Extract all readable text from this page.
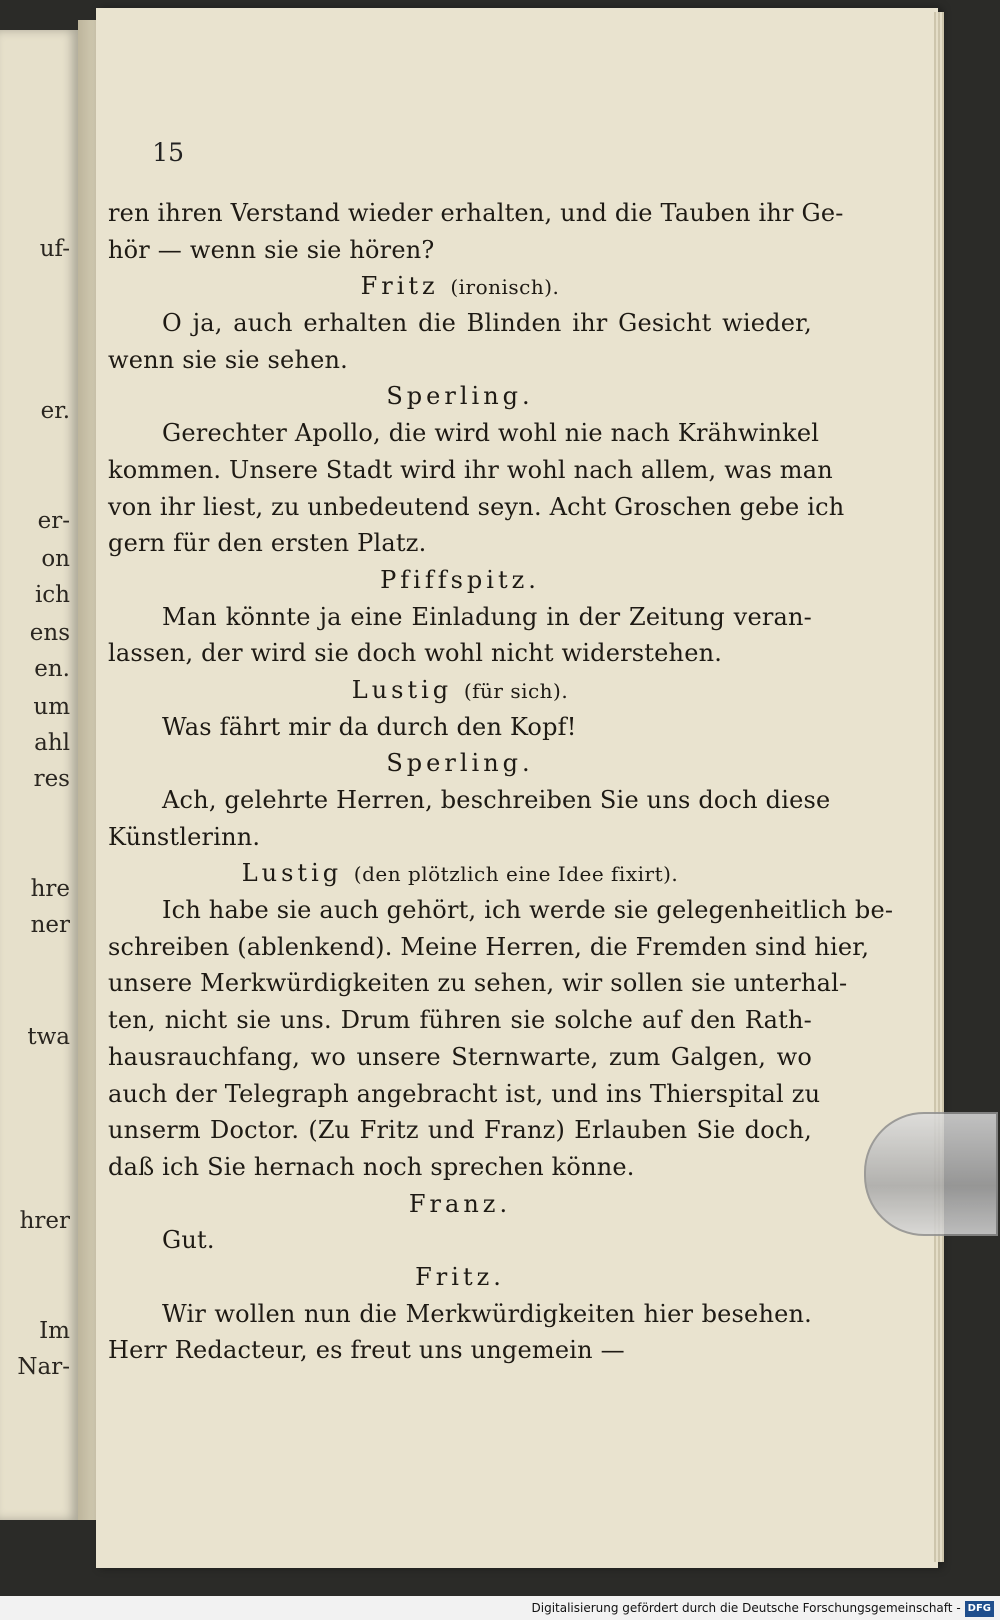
uf-
er.
er-
on
ich
ens
en.
um
ahl
res
hre
ner
twa
hrer
Im
Nar-
15
ren ihren Verstand wieder erhalten, und die Tauben ihr Ge-
hör — wenn sie sie hören?
Fritz (ironisch).
O ja, auch erhalten die Blinden ihr Gesicht wieder,
wenn sie sie sehen.
Sperling.
Gerechter Apollo, die wird wohl nie nach Krähwinkel
kommen. Unsere Stadt wird ihr wohl nach allem, was man
von ihr liest, zu unbedeutend seyn. Acht Groschen gebe ich
gern für den ersten Platz.
Pfiffspitz.
Man könnte ja eine Einladung in der Zeitung veran-
lassen, der wird sie doch wohl nicht widerstehen.
Lustig (für sich).
Was fährt mir da durch den Kopf!
Sperling.
Ach, gelehrte Herren, beschreiben Sie uns doch diese
Künstlerinn.
Lustig (den plötzlich eine Idee fixirt).
Ich habe sie auch gehört, ich werde sie gelegenheitlich be-
schreiben (ablenkend). Meine Herren, die Fremden sind hier,
unsere Merkwürdigkeiten zu sehen, wir sollen sie unterhal-
ten, nicht sie uns. Drum führen sie solche auf den Rath-
hausrauchfang, wo unsere Sternwarte, zum Galgen, wo
auch der Telegraph angebracht ist, und ins Thierspital zu
unserm Doctor. (Zu Fritz und Franz) Erlauben Sie doch,
daß ich Sie hernach noch sprechen könne.
Franz.
Gut.
Fritz.
Wir wollen nun die Merkwürdigkeiten hier besehen.
Herr Redacteur, es freut uns ungemein —
Digitalisierung gefördert durch die Deutsche Forschungsgemeinschaft - DFG
